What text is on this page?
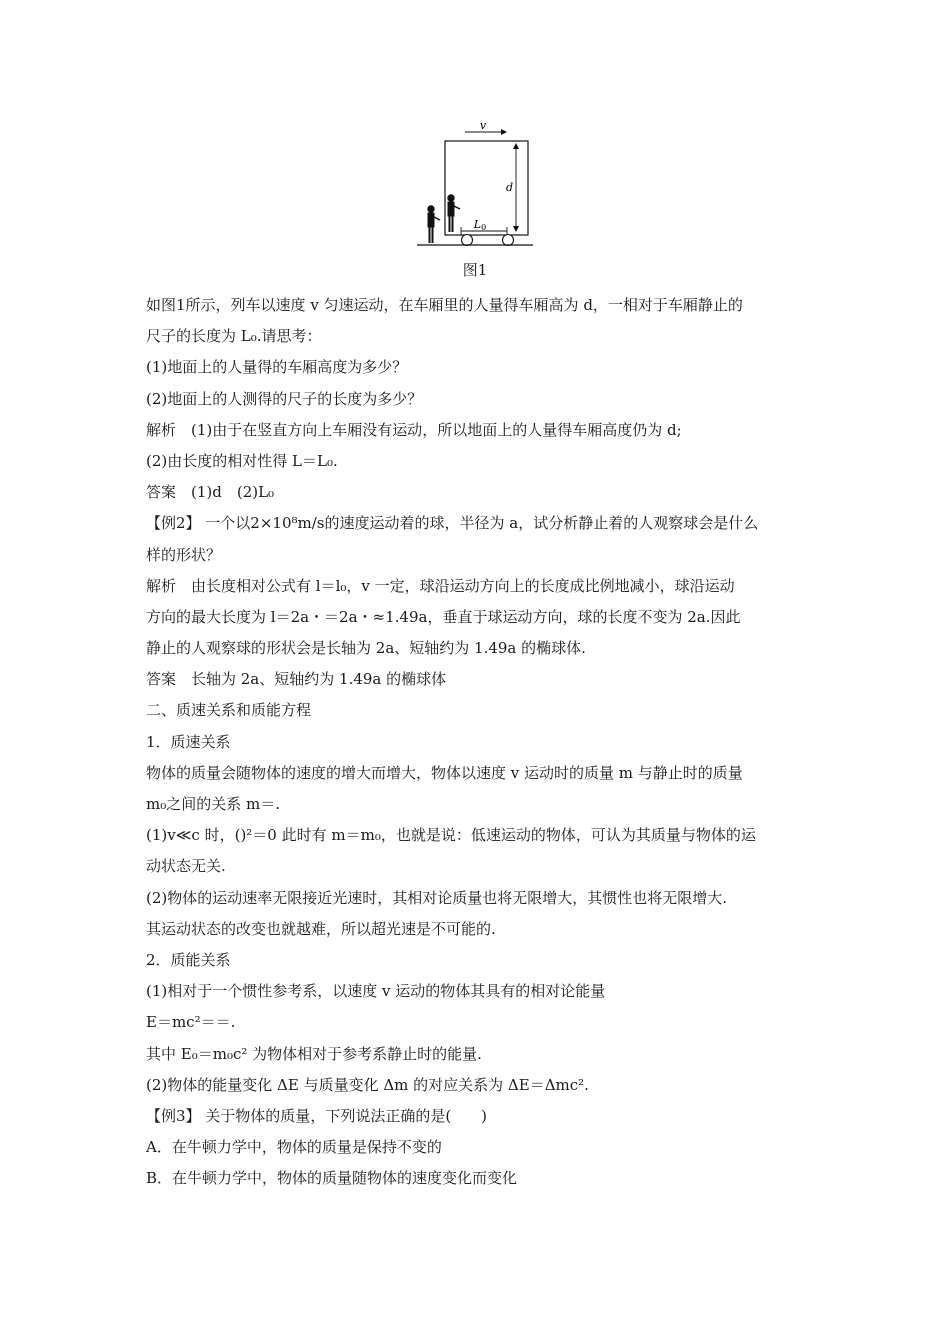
v
d
L0
图1
如图1所示，列车以速度 v 匀速运动，在车厢里的人量得车厢高为 d，一相对于车厢静止的
尺子的长度为 L₀.请思考：
(1)地面上的人量得的车厢高度为多少？
(2)地面上的人测得的尺子的长度为多少？
解析　(1)由于在竖直方向上车厢没有运动，所以地面上的人量得车厢高度仍为 d;
(2)由长度的相对性得 L＝L₀.
答案　(1)d　(2)L₀
【例2】 一个以2×10⁸m/s的速度运动着的球，半径为 a，试分析静止着的人观察球会是什么
样的形状？
解析　由长度相对公式有 l＝l₀，v 一定，球沿运动方向上的长度成比例地减小，球沿运动
方向的最大长度为 l＝2a・＝2a・≈1.49a，垂直于球运动方向，球的长度不变为 2a.因此
静止的人观察球的形状会是长轴为 2a、短轴约为 1.49a 的椭球体.
答案　长轴为 2a、短轴约为 1.49a 的椭球体
二、质速关系和质能方程
1．质速关系
物体的质量会随物体的速度的增大而增大，物体以速度 v 运动时的质量 m 与静止时的质量
m₀之间的关系 m＝.
(1)v≪c 时，()²＝0 此时有 m＝m₀，也就是说：低速运动的物体，可认为其质量与物体的运
动状态无关.
(2)物体的运动速率无限接近光速时，其相对论质量也将无限增大，其惯性也将无限增大.
其运动状态的改变也就越难，所以超光速是不可能的.
2．质能关系
(1)相对于一个惯性参考系，以速度 v 运动的物体其具有的相对论能量
E＝mc²＝＝.
其中 E₀＝m₀c² 为物体相对于参考系静止时的能量.
(2)物体的能量变化 ΔE 与质量变化 Δm 的对应关系为 ΔE＝Δmc².
【例3】 关于物体的质量，下列说法正确的是(　　)
A．在牛顿力学中，物体的质量是保持不变的
B．在牛顿力学中，物体的质量随物体的速度变化而变化
